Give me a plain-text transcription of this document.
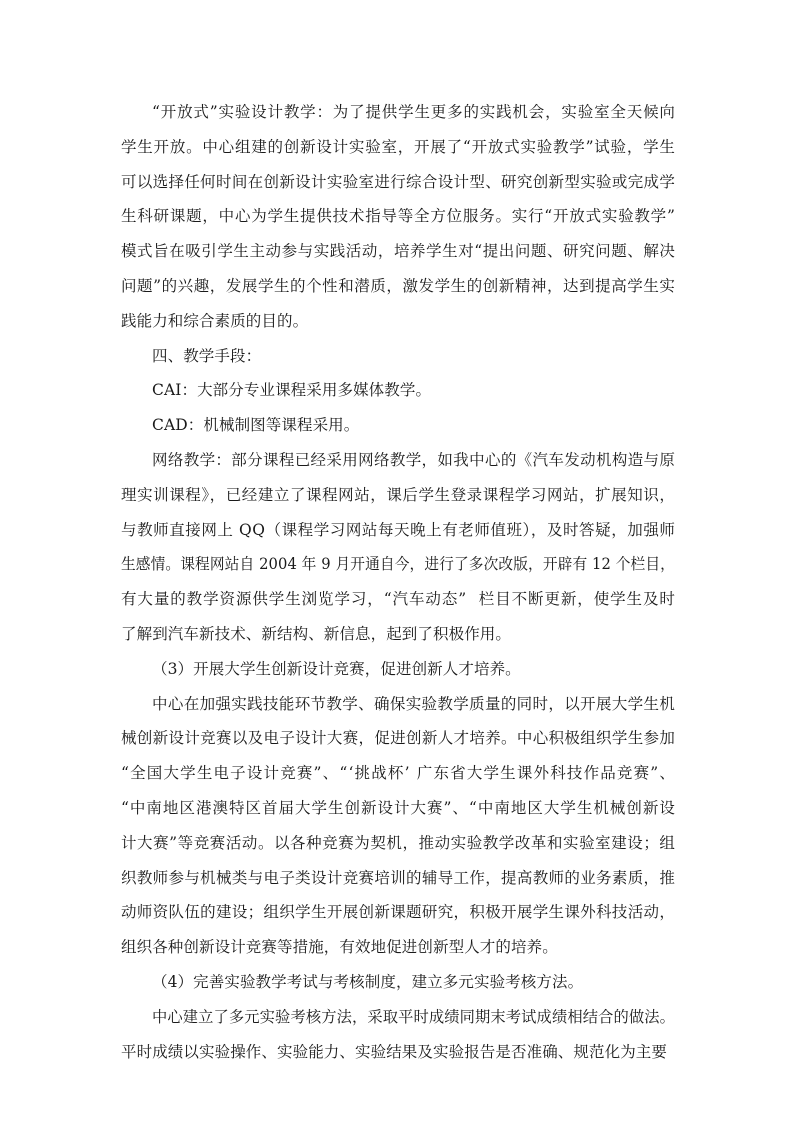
“开放式”实验设计教学：为了提供学生更多的实践机会，实验室全天候向

学生开放。中心组建的创新设计实验室，开展了“开放式实验教学”试验，学生

可以选择任何时间在创新设计实验室进行综合设计型、研究创新型实验或完成学

生科研课题，中心为学生提供技术指导等全方位服务。实行“开放式实验教学”

模式旨在吸引学生主动参与实践活动，培养学生对“提出问题、研究问题、解决

问题”的兴趣，发展学生的个性和潜质，激发学生的创新精神，达到提高学生实

践能力和综合素质的目的。

四、教学手段：

CAI：大部分专业课程采用多媒体教学。

CAD：机械制图等课程采用。

网络教学：部分课程已经采用网络教学，如我中心的《汽车发动机构造与原

理实训课程》，已经建立了课程网站，课后学生登录课程学习网站，扩展知识，

与教师直接网上 QQ（课程学习网站每天晚上有老师值班），及时答疑，加强师

生感情。课程网站自 2004 年 9 月开通自今，进行了多次改版，开辟有 12 个栏目，

有大量的教学资源供学生浏览学习，“汽车动态”  栏目不断更新，使学生及时

了解到汽车新技术、新结构、新信息，起到了积极作用。

（3）开展大学生创新设计竞赛，促进创新人才培养。

中心在加强实践技能环节教学、确保实验教学质量的同时，以开展大学生机

械创新设计竞赛以及电子设计大赛，促进创新人才培养。中心积极组织学生参加

“全国大学生电子设计竞赛”、“‘挑战杯’ 广东省大学生课外科技作品竞赛”、

“中南地区港澳特区首届大学生创新设计大赛”、“中南地区大学生机械创新设

计大赛”等竞赛活动。以各种竞赛为契机，推动实验教学改革和实验室建设；组

织教师参与机械类与电子类设计竞赛培训的辅导工作，提高教师的业务素质，推

动师资队伍的建设；组织学生开展创新课题研究，积极开展学生课外科技活动，

组织各种创新设计竞赛等措施，有效地促进创新型人才的培养。

（4）完善实验教学考试与考核制度，建立多元实验考核方法。

中心建立了多元实验考核方法，采取平时成绩同期末考试成绩相结合的做法。

平时成绩以实验操作、实验能力、实验结果及实验报告是否准确、规范化为主要
